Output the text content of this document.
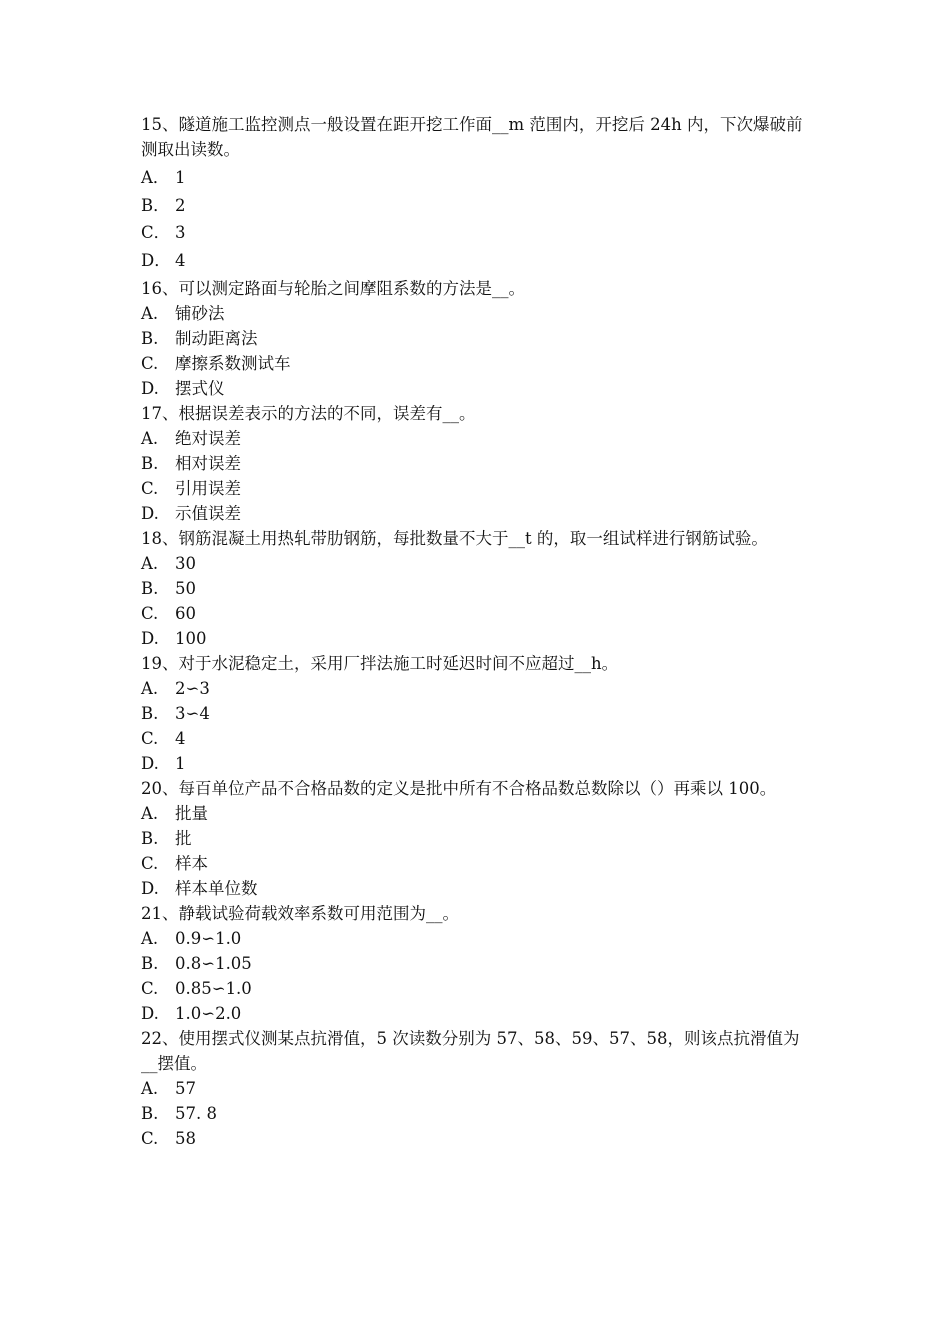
15、隧道施工监控测点一般设置在距开挖工作面__m 范围内，开挖后 24h 内，下次爆破前测取出读数。

A． 1
B． 2
C． 3
D． 4

16、可以测定路面与轮胎之间摩阻系数的方法是__。

A. 铺砂法
B. 制动距离法
C. 摩擦系数测试车
D. 摆式仪

17、根据误差表示的方法的不同，误差有__。

A. 绝对误差
B. 相对误差
C. 引用误差
D. 示值误差

18、钢筋混凝土用热轧带肋钢筋，每批数量不大于__t 的，取一组试样进行钢筋试验。

A. 30
B. 50
C. 60
D. 100

19、对于水泥稳定土，采用厂拌法施工时延迟时间不应超过__h。

A. 2∽3
B. 3∽4
C. 4
D. 1

20、每百单位产品不合格品数的定义是批中所有不合格品数总数除以（）再乘以 100。

A. 批量
B. 批
C. 样本
D. 样本单位数

21、静载试验荷载效率系数可用范围为__。

A. 0.9∽1.0
B. 0.8∽1.05
C. 0.85∽1.0
D. 1.0∽2.0

22、使用摆式仪测某点抗滑值，5 次读数分别为 57、58、59、57、58，则该点抗滑值为__摆值。

A. 57
B. 57. 8
C. 58
